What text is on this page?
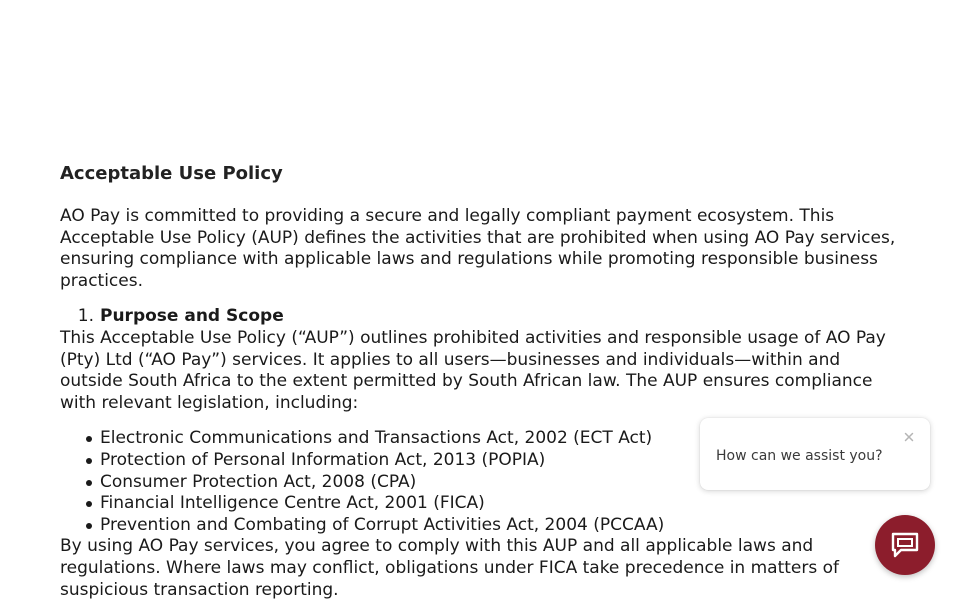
Acceptable Use Policy

AO Pay is committed to providing a secure and legally compliant payment ecosystem. This Acceptable Use Policy (AUP) defines the activities that are prohibited when using AO Pay services, ensuring compliance with applicable laws and regulations while promoting responsible business practices.

1. Purpose and Scope

This Acceptable Use Policy (“AUP”) outlines prohibited activities and responsible usage of AO Pay (Pty) Ltd (“AO Pay”) services. It applies to all users—businesses and individuals—within and outside South Africa to the extent permitted by South African law. The AUP ensures compliance with relevant legislation, including:

Electronic Communications and Transactions Act, 2002 (ECT Act)
Protection of Personal Information Act, 2013 (POPIA)
Consumer Protection Act, 2008 (CPA)
Financial Intelligence Centre Act, 2001 (FICA)
Prevention and Combating of Corrupt Activities Act, 2004 (PCCAA)

By using AO Pay services, you agree to comply with this AUP and all applicable laws and regulations. Where laws may conflict, obligations under FICA take precedence in matters of suspicious transaction reporting.

How can we assist you?
